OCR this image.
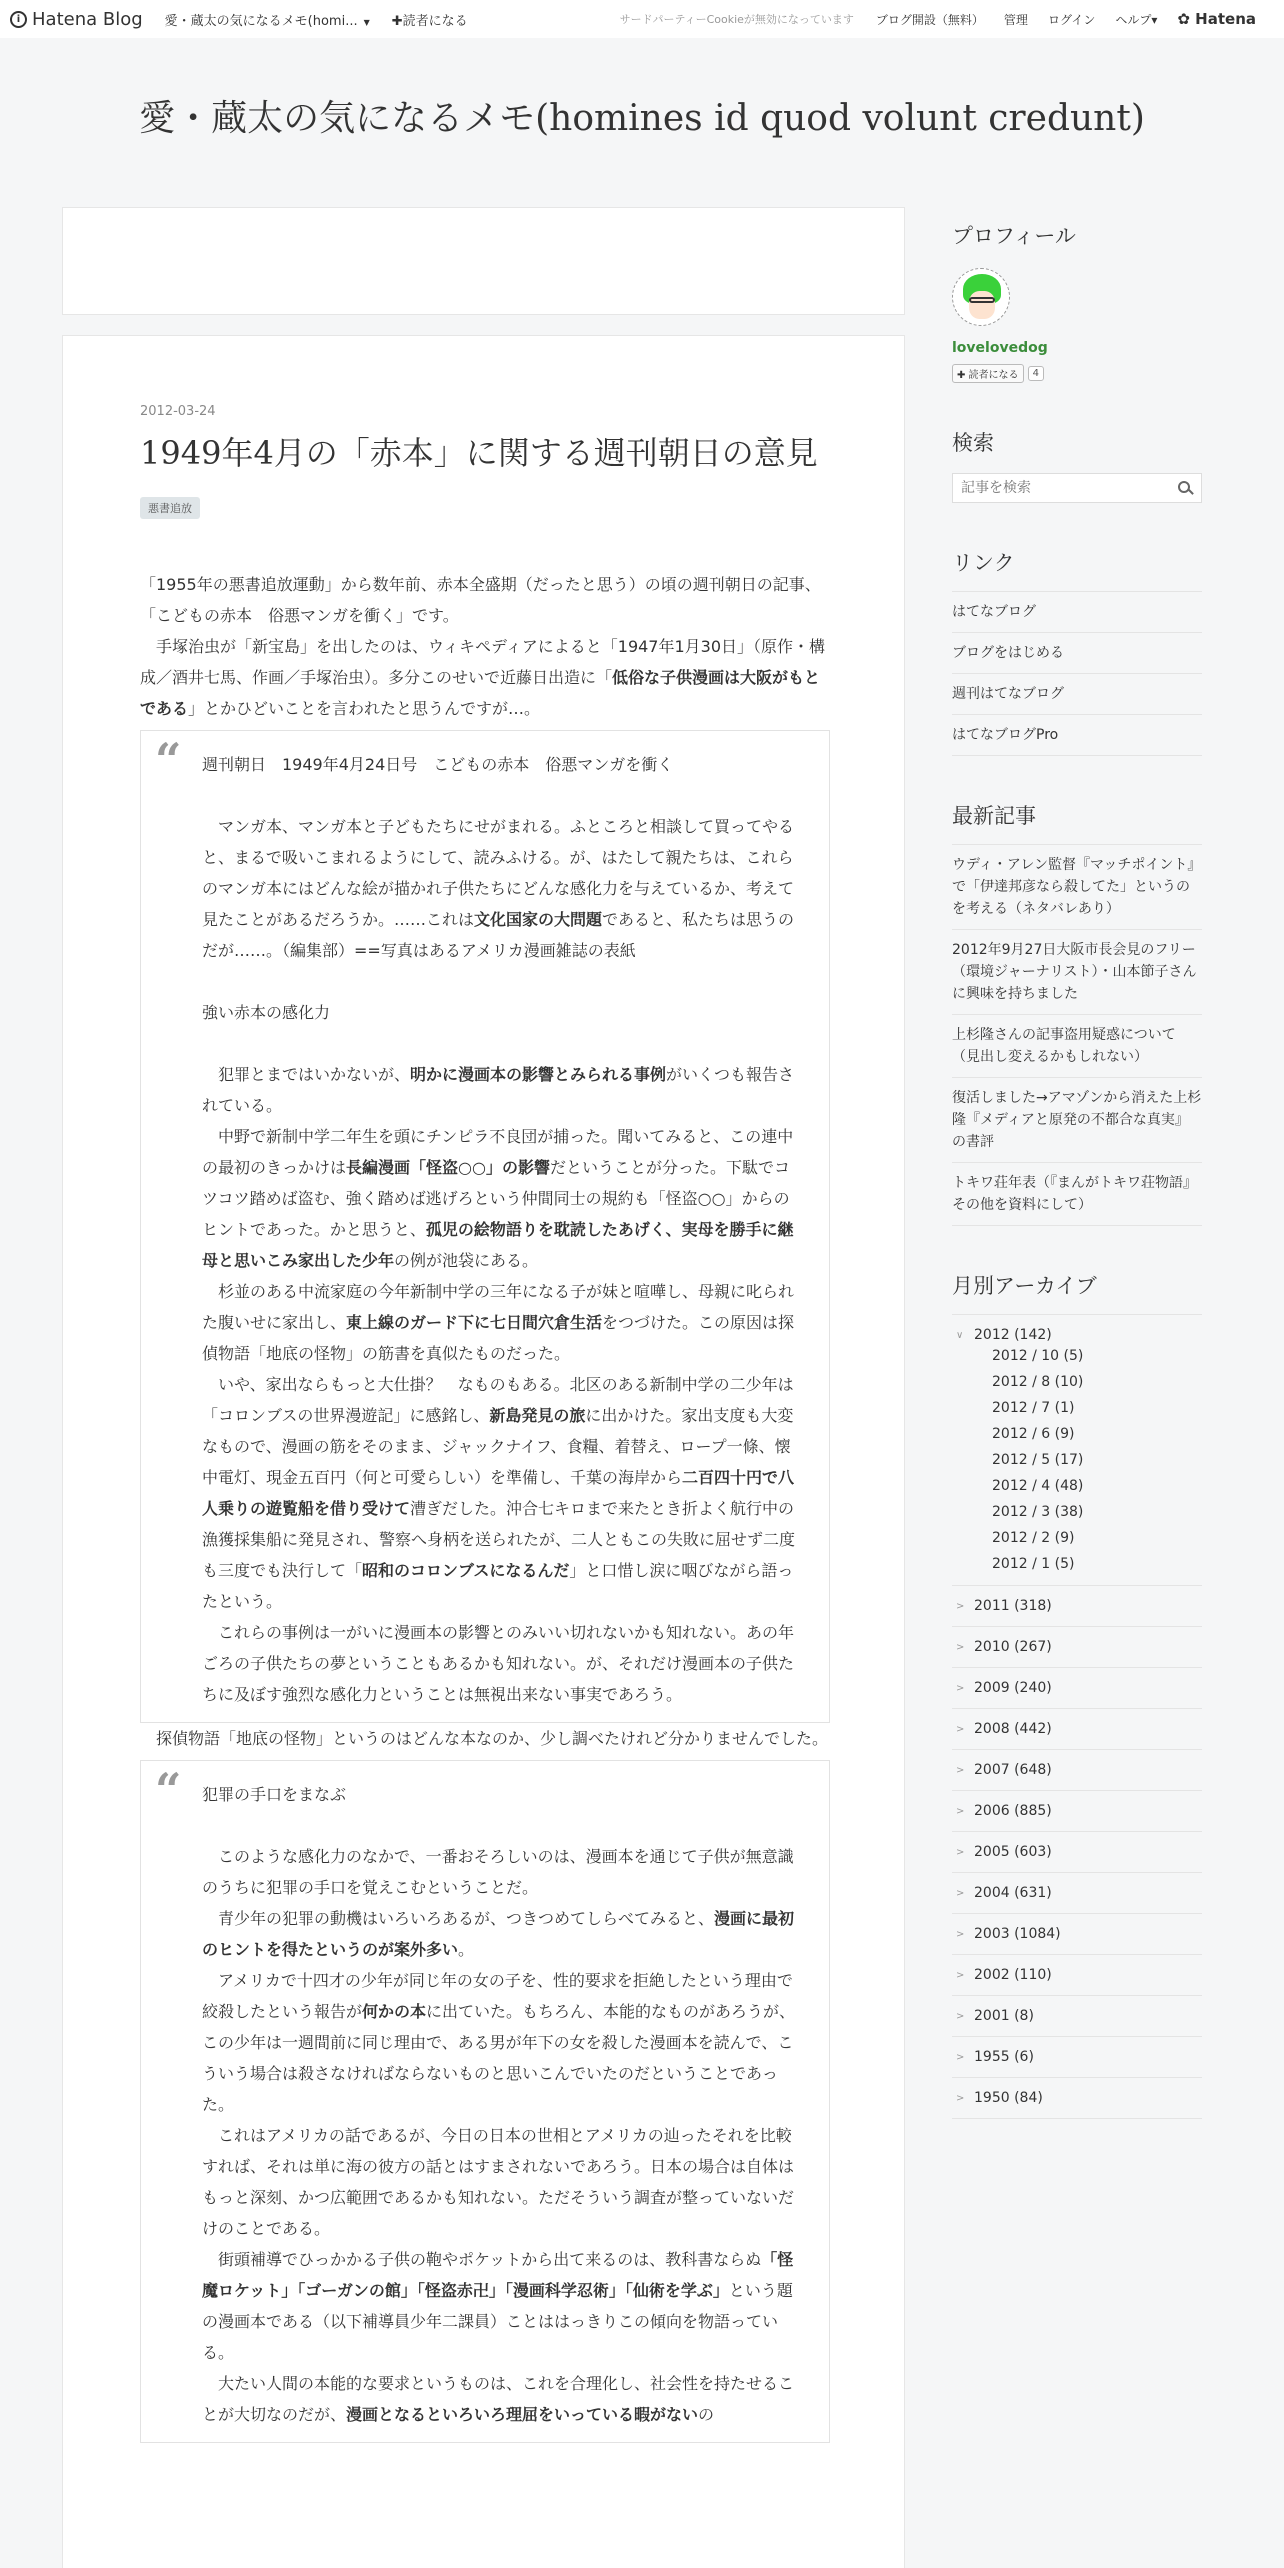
i Hatena Blog 愛・蔵太の気になるメモ(homi... ▼ ✚読者になる	サードパーティーCookieが無効になっています ブログ開設（無料） 管理 ログイン ヘルプ▾ ✿ Hatena
愛・蔵太の気になるメモ(homines id quod volunt credunt)
2012-03-24
1949年4月の「赤本」に関する週刊朝日の意見
悪書追放

「1955年の悪書追放運動」から数年前、赤本全盛期（だったと思う）の頃の週刊朝日の記事、「こどもの赤本　俗悪マンガを衝く」です。

　手塚治虫が「新宝島」を出したのは、ウィキペディアによると「1947年1月30日」（原作・構成／酒井七馬、作画／手塚治虫）。多分このせいで近藤日出造に「低俗な子供漫画は大阪がもとである」とかひどいことを言われたと思うんですが…。

“ 週刊朝日　1949年4月24日号　こどもの赤本　俗悪マンガを衝く

　マンガ本、マンガ本と子どもたちにせがまれる。ふところと相談して買ってやると、まるで吸いこまれるようにして、読みふける。が、はたして親たちは、これらのマンガ本にはどんな絵が描かれ子供たちにどんな感化力を与えているか、考えて見たことがあるだろうか。……これは文化国家の大問題であると、私たちは思うのだが……。（編集部）==写真はあるアメリカ漫画雑誌の表紙

強い赤本の感化力

　犯罪とまではいかないが、明かに漫画本の影響とみられる事例がいくつも報告されている。

　中野で新制中学二年生を頭にチンピラ不良団が捕った。聞いてみると、この連中の最初のきっかけは長編漫画「怪盗○○」の影響だということが分った。下駄でコツコツ踏めば盗む、強く踏めば逃げろという仲間同士の規約も「怪盗○○」からのヒントであった。かと思うと、孤児の絵物語りを耽読したあげく、実母を勝手に継母と思いこみ家出した少年の例が池袋にある。

　杉並のある中流家庭の今年新制中学の三年になる子が妹と喧嘩し、母親に叱られた腹いせに家出し、東上線のガード下に七日間穴倉生活をつづけた。この原因は探偵物語「地底の怪物」の筋書を真似たものだった。

　いや、家出ならもっと大仕掛？　なものもある。北区のある新制中学の二少年は「コロンブスの世界漫遊記」に感銘し、新島発見の旅に出かけた。家出支度も大変なもので、漫画の筋をそのまま、ジャックナイフ、食糧、着替え、ロープ一條、懐中電灯、現金五百円（何と可愛らしい）を準備し、千葉の海岸から二百四十円で八人乗りの遊覧船を借り受けて漕ぎだした。沖合七キロまで来たとき折よく航行中の漁獲採集船に発見され、警察へ身柄を送られたが、二人ともこの失敗に屈せず二度も三度でも決行して「昭和のコロンブスになるんだ」と口惜し涙に咽びながら語ったという。

　これらの事例は一がいに漫画本の影響とのみいい切れないかも知れない。あの年ごろの子供たちの夢ということもあるかも知れない。が、それだけ漫画本の子供たちに及ぼす強烈な感化力ということは無視出来ない事実であろう。

　探偵物語「地底の怪物」というのはどんな本なのか、少し調べたけれど分かりませんでした。

“ 犯罪の手口をまなぶ

　このような感化力のなかで、一番おそろしいのは、漫画本を通じて子供が無意識のうちに犯罪の手口を覚えこむということだ。

　青少年の犯罪の動機はいろいろあるが、つきつめてしらべてみると、漫画に最初のヒントを得たというのが案外多い。

　アメリカで十四才の少年が同じ年の女の子を、性的要求を拒絶したという理由で絞殺したという報告が何かの本に出ていた。もちろん、本能的なものがあろうが、この少年は一週間前に同じ理由で、ある男が年下の女を殺した漫画本を読んで、こういう場合は殺さなければならないものと思いこんでいたのだということであった。

　これはアメリカの話であるが、今日の日本の世相とアメリカの辿ったそれを比較すれば、それは単に海の彼方の話とはすまされないであろう。日本の場合は自体はもっと深刻、かつ広範囲であるかも知れない。ただそういう調査が整っていないだけのことである。

　街頭補導でひっかかる子供の鞄やポケットから出て来るのは、教科書ならぬ「怪魔ロケット」「ゴーガンの館」「怪盗赤卍」「漫画科学忍術」「仙術を学ぶ」という題の漫画本である（以下補導員少年二課員）ことははっきりこの傾向を物語っている。

　大たい人間の本能的な要求というものは、これを合理化し、社会性を持たせることが大切なのだが、漫画となるといろいろ理屈をいっている暇がないの

プロフィール
lovelovedog
✚ 読者になる	4
検索
記事を検索
リンク
はてなブログ
ブログをはじめる
週刊はてなブログ
はてなブログPro
最新記事
ウディ・アレン監督『マッチポイント』で「伊達邦彦なら殺してた」というのを考える（ネタバレあり）
2012年9月27日大阪市長会見のフリー（環境ジャーナリスト）・山本節子さんに興味を持ちました
上杉隆さんの記事盗用疑惑について（見出し変えるかもしれない）
復活しました→アマゾンから消えた上杉隆『メディアと原発の不都合な真実』の書評
トキワ荘年表（『まんがトキワ荘物語』その他を資料にして）
月別アーカイブ
∨ 2012 (142)
2012 / 10 (5)
2012 / 8 (10)
2012 / 7 (1)
2012 / 6 (9)
2012 / 5 (17)
2012 / 4 (48)
2012 / 3 (38)
2012 / 2 (9)
2012 / 1 (5)
> 2011 (318)
> 2010 (267)
> 2009 (240)
> 2008 (442)
> 2007 (648)
> 2006 (885)
> 2005 (603)
> 2004 (631)
> 2003 (1084)
> 2002 (110)
> 2001 (8)
> 1955 (6)
> 1950 (84)
